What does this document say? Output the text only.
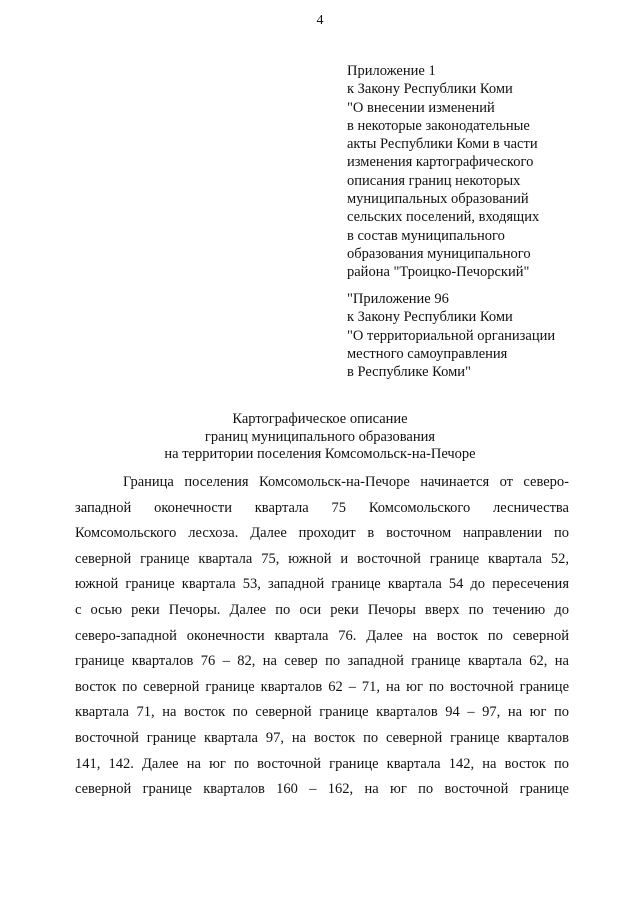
4
Приложение 1
к Закону Республики Коми
"О внесении изменений
в некоторые законодательные
акты Республики Коми в части
изменения картографического
описания границ некоторых
муниципальных образований
сельских поселений, входящих
в состав муниципального
образования муниципального
района "Троицко-Печорский"
"Приложение 96
к Закону Республики Коми
"О территориальной организации
местного самоуправления
в Республике Коми"
Картографическое описание
границ муниципального образования
на территории поселения Комсомольск-на-Печоре
Граница поселения Комсомольск-на-Печоре начинается от северо-
западной оконечности квартала 75 Комсомольского лесничества
Комсомольского лесхоза. Далее проходит в восточном направлении по
северной границе квартала 75, южной и восточной границе квартала 52,
южной границе квартала 53, западной границе квартала 54 до пересечения
с осью реки Печоры. Далее по оси реки Печоры вверх по течению до
северо-западной оконечности квартала 76. Далее на восток по северной
границе кварталов 76 – 82, на север по западной границе квартала 62, на
восток по северной границе кварталов 62 – 71, на юг по восточной границе
квартала 71, на восток по северной границе кварталов 94 – 97, на юг по
восточной границе квартала 97, на восток по северной границе кварталов
141, 142. Далее на юг по восточной границе квартала 142, на восток по
северной границе кварталов 160 – 162, на юг по восточной границе
